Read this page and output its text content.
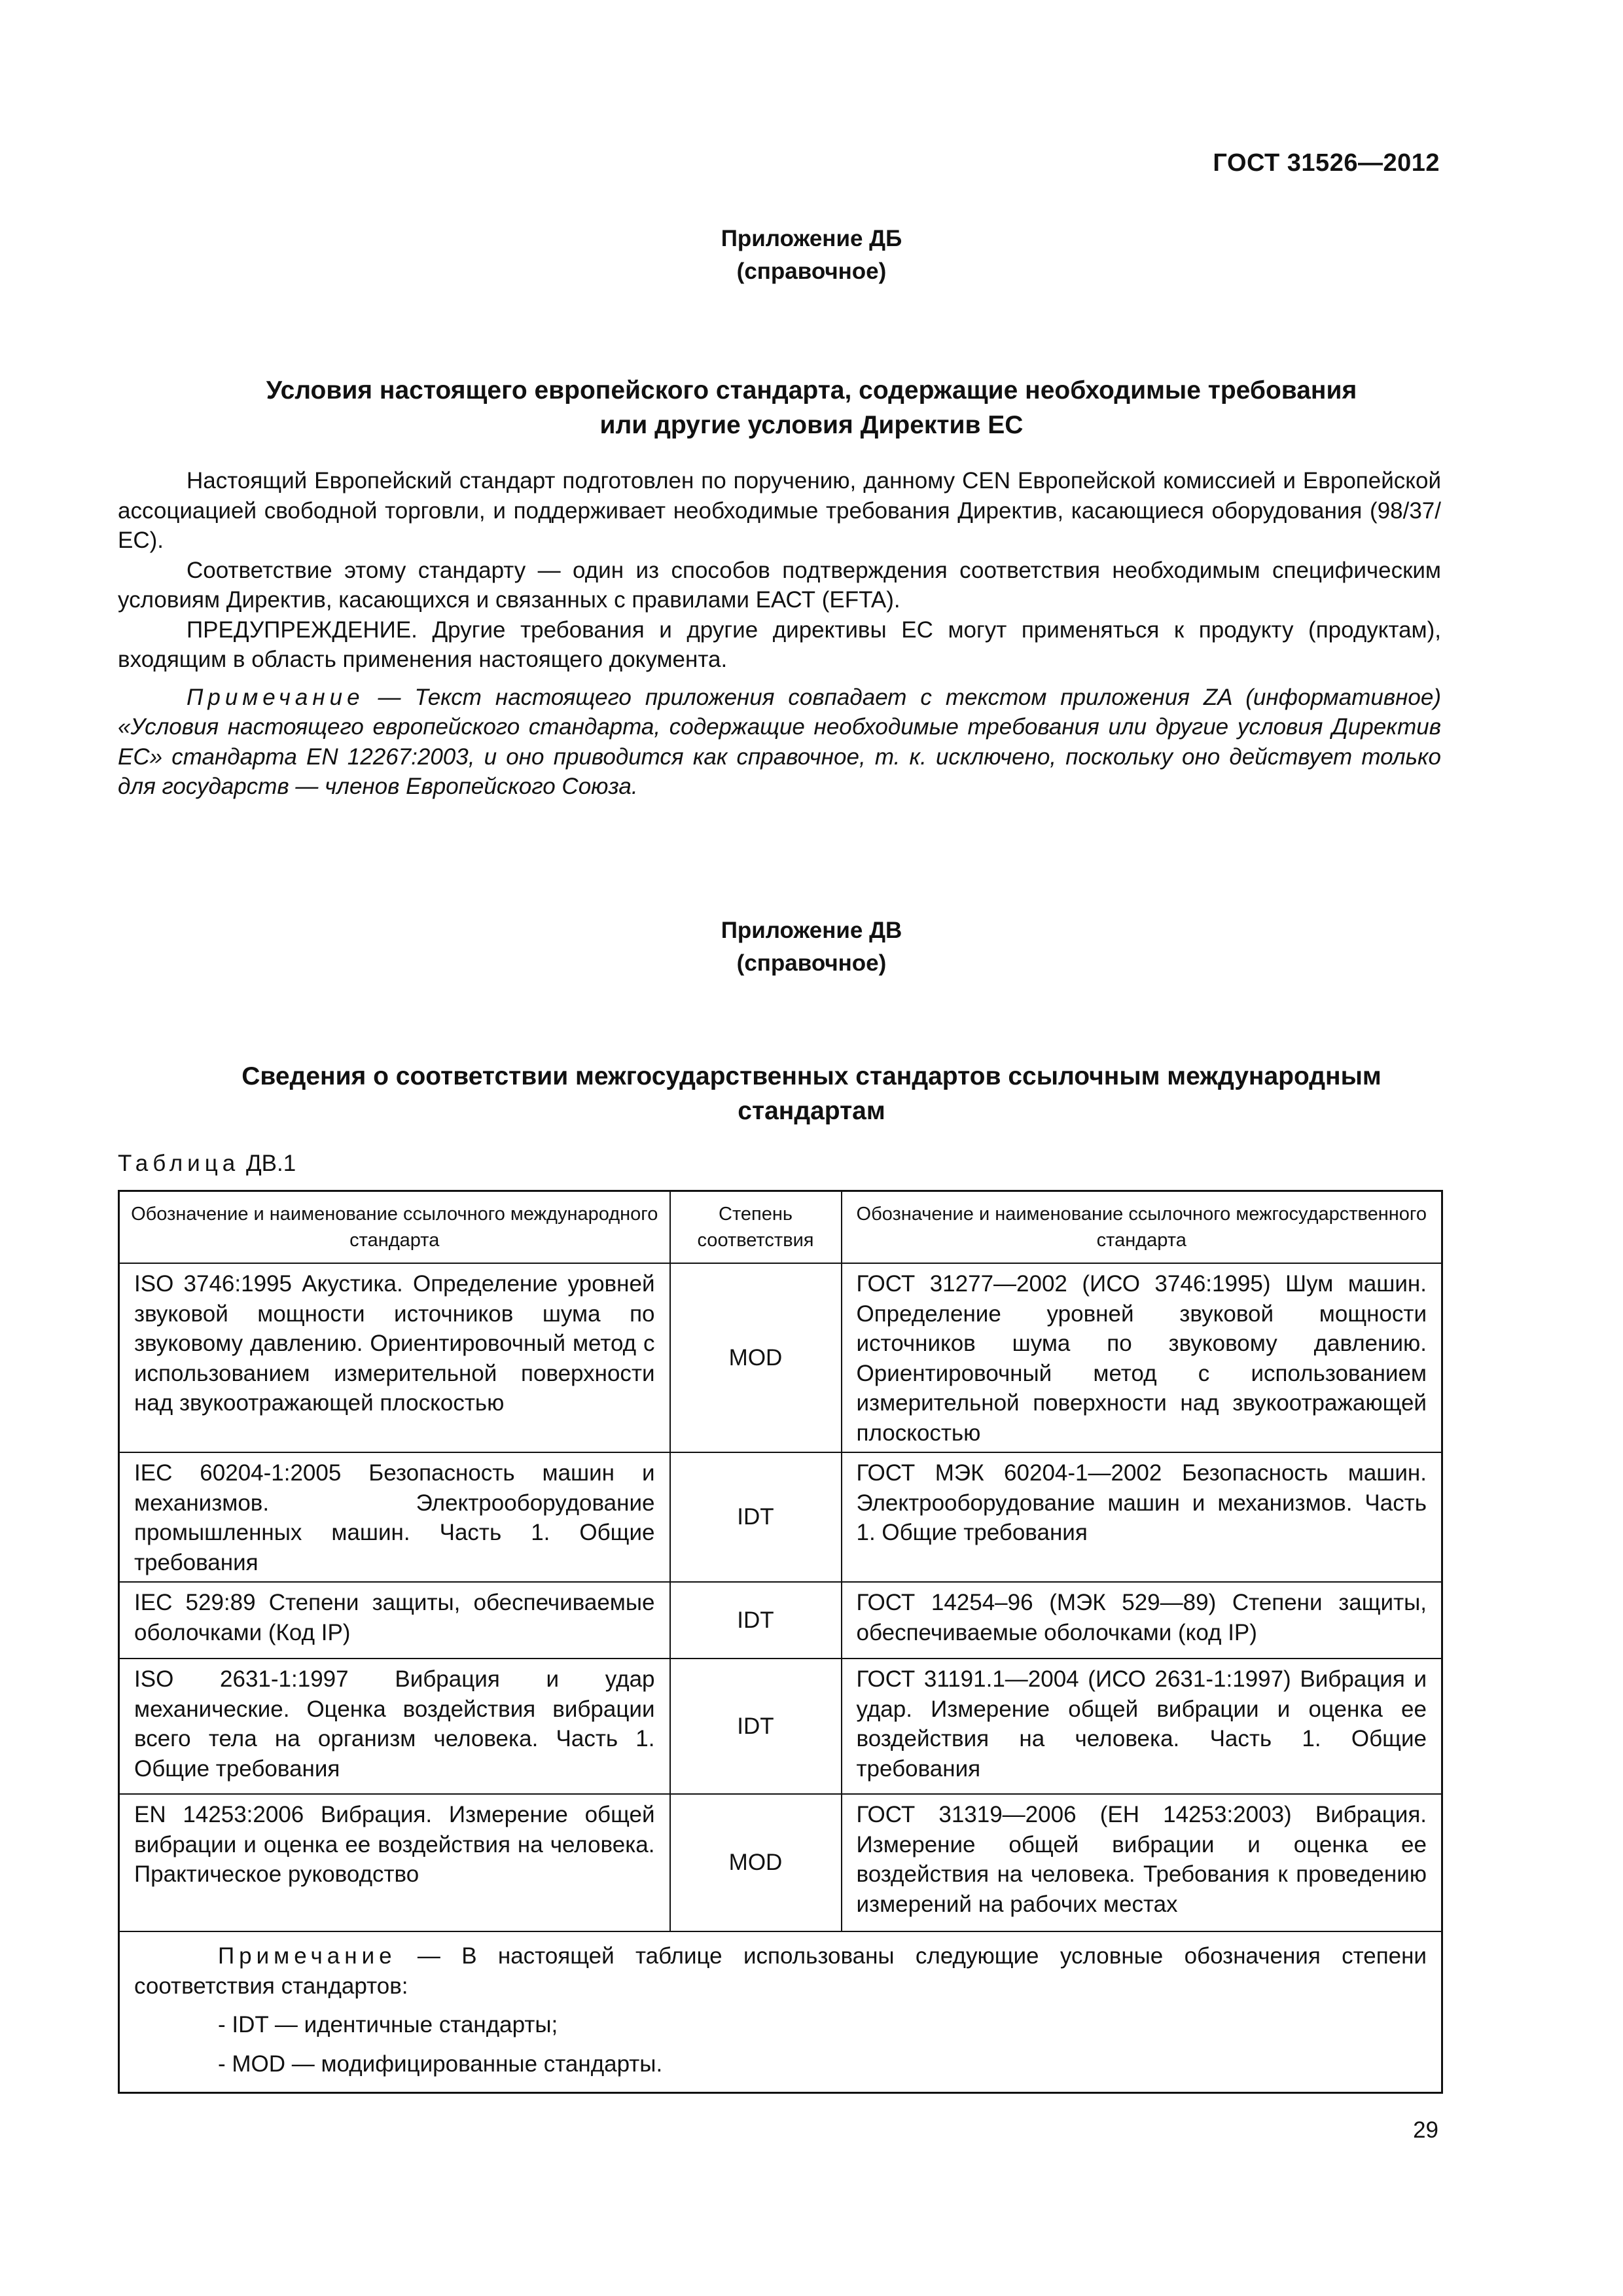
ГОСТ 31526—2012
Приложение ДБ
(справочное)
Условия настоящего европейского стандарта, содержащие необходимые требования
или другие условия Директив ЕС

Настоящий Европейский стандарт подготовлен по поручению, данному CEN Европейской комиссией и Европейской ассоциацией свободной торговли, и поддерживает необходимые требования Директив, касающиеся оборудования (98/37/ЕС).

Соответствие этому стандарту — один из способов подтверждения соответствия необходимым специфическим условиям Директив, касающихся и связанных с правилами ЕАСТ (EFTA).

ПРЕДУПРЕЖДЕНИЕ. Другие требования и другие директивы ЕС могут применяться к продукту (продуктам), входящим в область применения настоящего документа.

Примечание — Текст настоящего приложения совпадает с текстом приложения ZA (информативное) «Условия настоящего европейского стандарта, содержащие необходимые требования или другие условия Директив ЕС» стандарта EN 12267:2003, и оно приводится как справочное, т. к. исключено, поскольку оно действует только для государств — членов Европейского Союза.

Приложение ДВ
(справочное)
Сведения о соответствии межгосударственных стандартов ссылочным международным
стандартам
Таблица ДВ.1
Обозначение и наименование ссылочного международного стандарта	Степень соответствия	Обозначение и наименование ссылочного межгосударственного стандарта
ISO 3746:1995 Акустика. Определение уровней звуковой мощности источников шума по звуковому давлению. Ориентировочный метод с использованием измерительной поверхности над звукоотражающей плоскостью	MOD	ГОСТ 31277—2002 (ИСО 3746:1995) Шум машин. Определение уровней звуковой мощности источников шума по звуковому давлению. Ориентировочный метод с использованием измерительной поверхности над звукоотражающей плоскостью
IEC 60204-1:2005 Безопасность машин и механизмов. Электрооборудование промышленных машин. Часть 1. Общие требования	IDT	ГОСТ МЭК 60204-1—2002 Безопасность машин. Электрооборудование машин и механизмов. Часть 1. Общие требования
IEC 529:89 Степени защиты, обеспечиваемые оболочками (Код IP)	IDT	ГОСТ 14254–96 (МЭК 529—89) Степени защиты, обеспечиваемые оболочками (код IP)
ISO 2631-1:1997 Вибрация и удар механические. Оценка воздействия вибрации всего тела на организм человека. Часть 1. Общие требования	IDT	ГОСТ 31191.1—2004 (ИСО 2631-1:1997) Вибрация и удар. Измерение общей вибрации и оценка ее воздействия на человека. Часть 1. Общие требования
EN 14253:2006 Вибрация. Измерение общей вибрации и оценка ее воздействия на человека. Практическое руководство	MOD	ГОСТ 31319—2006 (ЕН 14253:2003) Вибрация. Измерение общей вибрации и оценка ее воздействия на человека. Требования к проведению измерений на рабочих местах

Примечание — В настоящей таблице использованы следующие условные обозначения степени соответствия стандартов:

- IDT — идентичные стандарты;

- MOD — модифицированные стандарты.		

29
